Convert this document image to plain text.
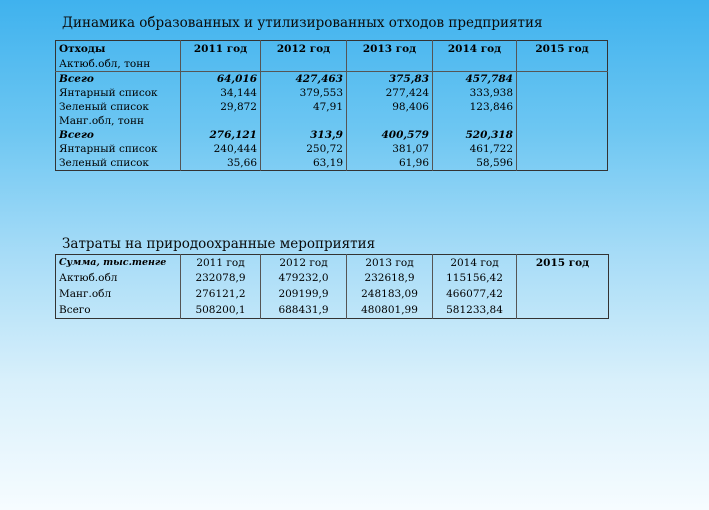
Динамика образованных и утилизированных отходов предприятия
Отходы	2011 год	2012 год	2013 год	2014 год	2015 год
Актюб.обл, тонн					
Всего	64,016	427,463	375,83	457,784	
Янтарный список	34,144	379,553	277,424	333,938	
Зеленый список	29,872	47,91	98,406	123,846	
Манг.обл, тонн					
Всего	276,121	313,9	400,579	520,318	
Янтарный список	240,444	250,72	381,07	461,722	
Зеленый список	35,66	63,19	61,96	58,596	
Затраты на природоохранные мероприятия
Сумма, тыс.тенге	2011 год	2012 год	2013 год	2014 год	2015 год
Актюб.обл	232078,9	479232,0	232618,9	115156,42	
Манг.обл	276121,2	209199,9	248183,09	466077,42	
Всего	508200,1	688431,9	480801,99	581233,84	
